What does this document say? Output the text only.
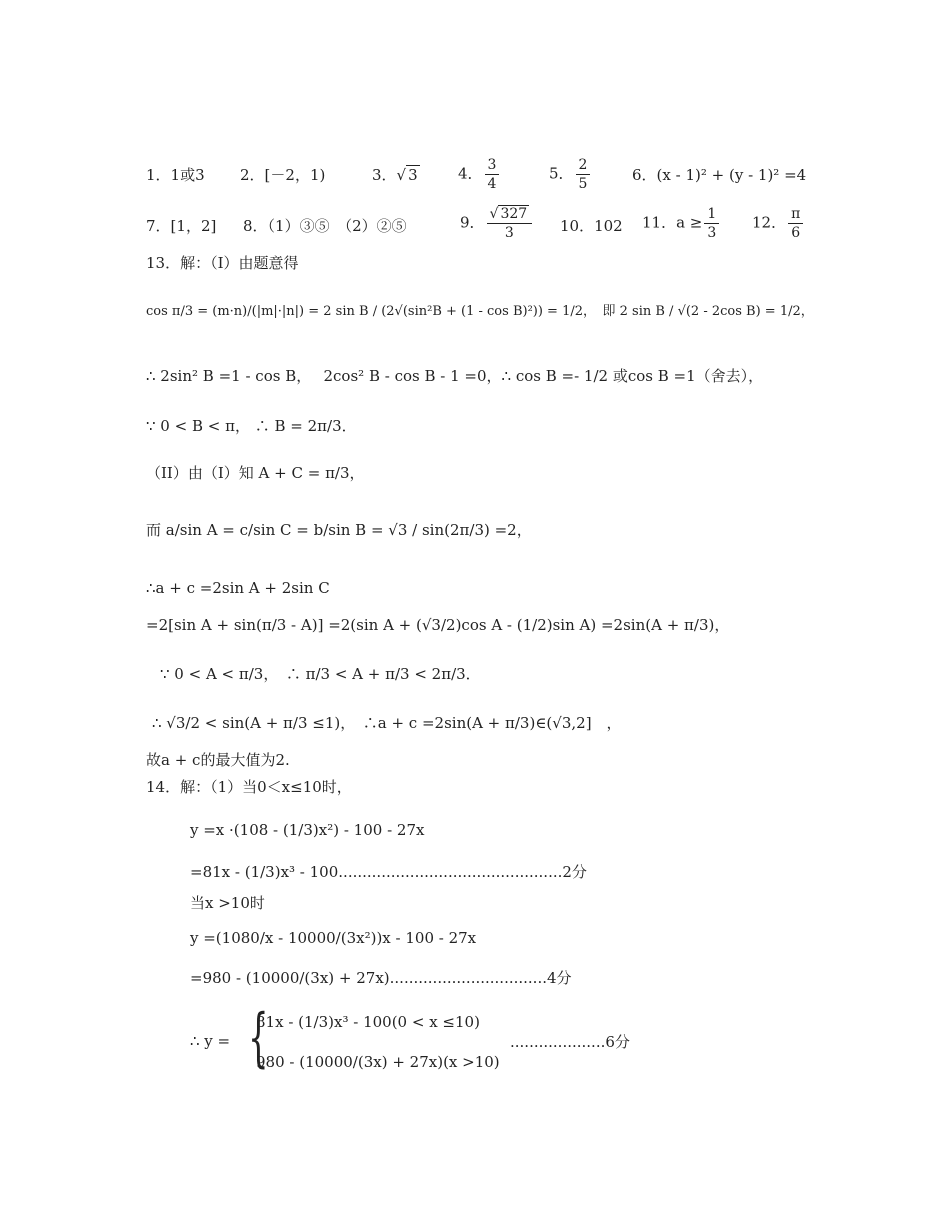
1．1或3 2．[－2，1)	3．√ 3	4． $\frac{3}{4}$	5． $\frac{2}{5}$	6．(x - 1)² + (y - 1)² =4
7．[1，2] 8．（1）③⑤　（2）②⑤	9． $\frac{√ 327}{3} 10$．102 11．$a \ge \frac{1}{3} 12$． $\frac{\pi}{6}$
13．解：（I）由题意得
cos π/3 = (m·n)/(|m|·|n|) = 2 sin B / (2√(sin²B + (1 - cos B)²)) = 1/2，　即 2 sin B / √(2 - 2cos B) = 1/2，
∴ 2sin² B =1 - cos B，　 2cos² B - cos B - 1 =0，∴ cos B =- 1/2 或cos B =1（舍去），
∵ 0 < B < π， ∴ B = 2π/3．
（II）由（I）知 A + C = π/3，
而 a/sin A = c/sin C = b/sin B = √3 / sin(2π/3) =2，
∴a + c =2sin A + 2sin C
=2[sin A + sin(π/3 - A)] =2(sin A + (√3/2)cos A - (1/2)sin A) =2sin(A + π/3)，
∵ 0 < A < π/3，　∴ π/3 < A + π/3 < 2π/3．
∴ √3/2 < sin(A + π/3 ≤1)，　∴a + c =2sin(A + π/3)∈(√3,2]　，
故a + c的最大值为2.
14．解：（1）当0＜x≤10时，
y =x ·(108 - (1/3)x²) - 100 - 27x
=81x - (1/3)x³ - 100...............................................2分
当x >10时
y =(1080/x - 10000/(3x²))x - 100 - 27x
=980 - (10000/(3x) + 27x).................................4分
∴ y = {
81x - (1/3)x³ - 100(0 < x ≤10)
980 - (10000/(3x) + 27x)(x >10)
....................6分
